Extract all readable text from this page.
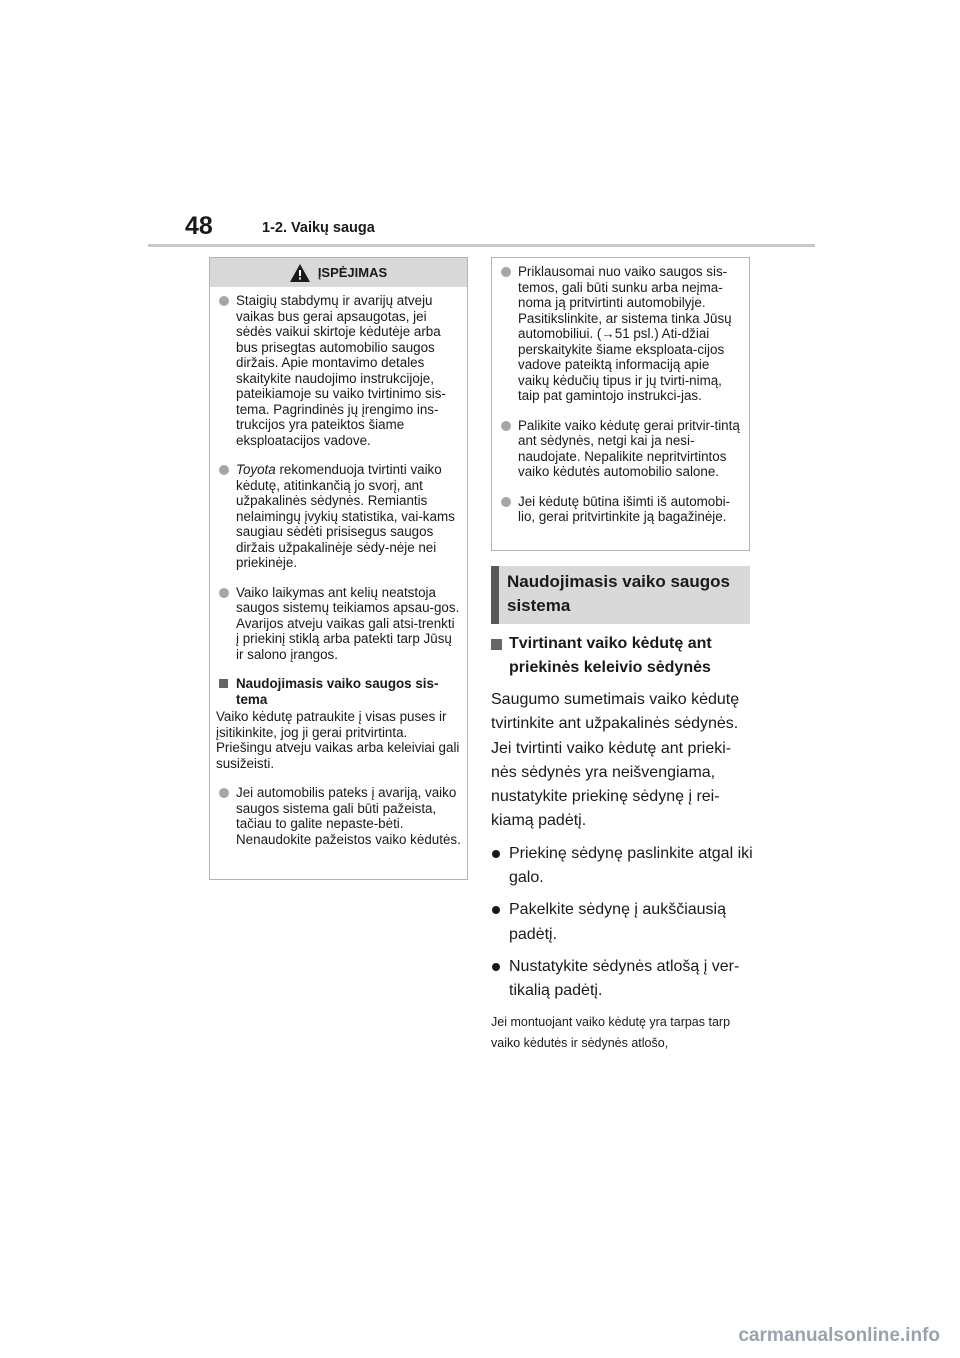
48	1-2. Vaikų sauga
ĮSPĖJIMAS
Staigių stabdymų ir avarijų atveju vaikas bus gerai apsaugotas, jei sėdės vaikui skirtoje kėdutėje arba bus prisegtas automobilio saugos diržais. Apie montavimo detales skaitykite naudojimo instrukcijoje, pateikiamoje su vaiko tvirtinimo sis-tema. Pagrindinės jų įrengimo ins-trukcijos yra pateiktos šiame eksploatacijos vadove.
Toyota rekomenduoja tvirtinti vaiko kėdutę, atitinkančią jo svorį, ant užpakalinės sėdynės. Remiantis nelaimingų įvykių statistika, vai-kams saugiau sėdėti prisisegus saugos diržais užpakalinėje sėdy-nėje nei priekinėje.
Vaiko laikymas ant kelių neatstoja saugos sistemų teikiamos apsau-gos. Avarijos atveju vaikas gali atsi-trenkti į priekinį stiklą arba patekti tarp Jūsų ir salono įrangos.
Naudojimasis vaiko saugos sis-tema
Vaiko kėdutę patraukite į visas puses ir įsitikinkite, jog ji gerai pritvirtinta. Priešingu atveju vaikas arba keleiviai gali susižeisti.
Jei automobilis pateks į avariją, vaiko saugos sistema gali būti pažeista, tačiau to galite nepaste-bėti. Nenaudokite pažeistos vaiko kėdutės.
Priklausomai nuo vaiko saugos sis-temos, gali būti sunku arba neįma-noma ją pritvirtinti automobilyje. Pasitikslinkite, ar sistema tinka Jūsų automobiliui. (→51 psl.) Ati-džiai perskaitykite šiame eksploata-cijos vadove pateiktą informaciją apie vaikų kėdučių tipus ir jų tvirti-nimą, taip pat gamintojo instrukci-jas.
Palikite vaiko kėdutę gerai pritvir-tintą ant sėdynės, netgi kai ja nesi-naudojate. Nepalikite nepritvirtintos vaiko kėdutės automobilio salone.
Jei kėdutę būtina išimti iš automobi-lio, gerai pritvirtinkite ją bagažinėje.
Naudojimasis vaiko saugos sistema
Tvirtinant vaiko kėdutę ant priekinės keleivio sėdynės
Saugumo sumetimais vaiko kėdutę tvirtinkite ant užpakalinės sėdynės. Jei tvirtinti vaiko kėdutę ant prieki-nės sėdynės yra neišvengiama, nustatykite priekinę sėdynę į rei-kiamą padėtį.
Priekinę sėdynę paslinkite atgal iki galo.
Pakelkite sėdynę į aukščiausią padėtį.
Nustatykite sėdynės atlošą į ver-tikalią padėtį.

Jei montuojant vaiko kėdutę yra tarpas tarp vaiko kėdutės ir sėdynės atlošo,

carmanualsonline.info
